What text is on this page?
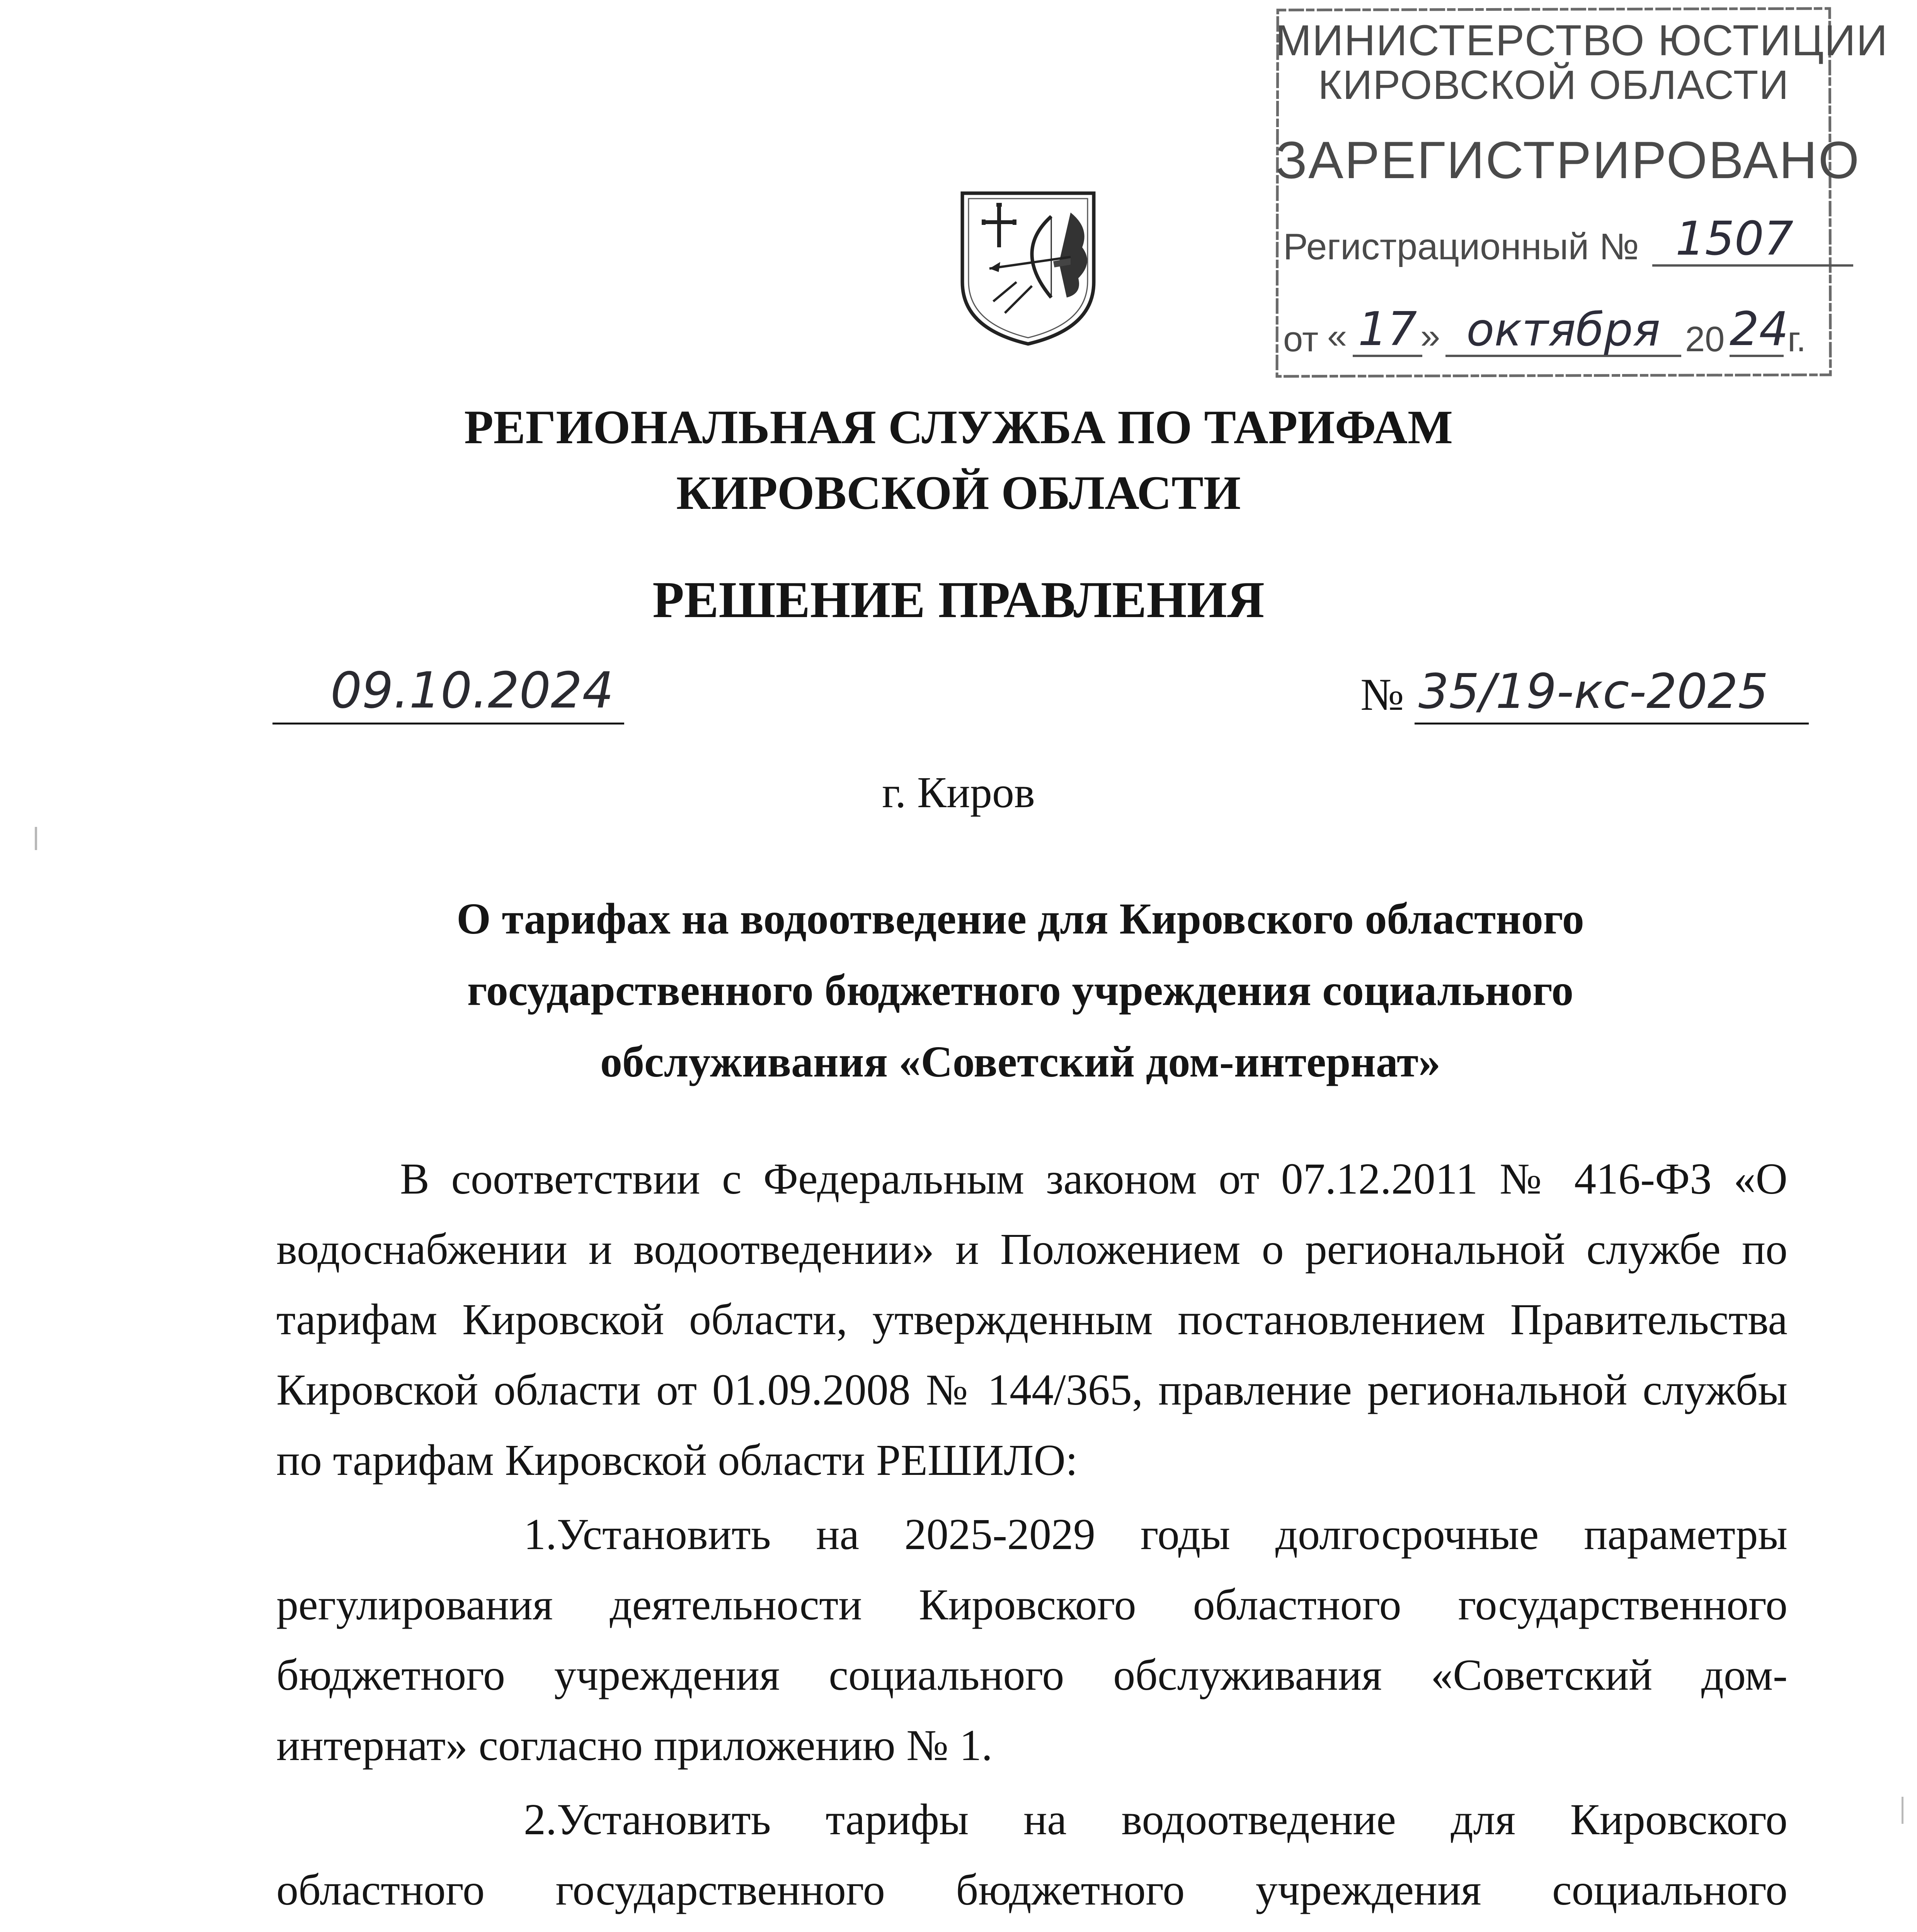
МИНИСТЕРСТВО ЮСТИЦИИ
КИРОВСКОЙ ОБЛАСТИ
ЗАРЕГИСТРИРОВАНО
Регистрационный № 1507
от « 17 » октября 20 24
г.
РЕГИОНАЛЬНАЯ СЛУЖБА ПО ТАРИФАМ
КИРОВСКОЙ ОБЛАСТИ
РЕШЕНИЕ ПРАВЛЕНИЯ
09.10.2024	№ 35/19-кс-2025
г. Киров
О тарифах на водоотведение для Кировского областного государственного бюджетного учреждения социального обслуживания «Советский дом-интернат»

В соответствии с Федеральным законом от 07.12.2011 № 416-ФЗ «О водоснабжении и водоотведении» и Положением о региональной службе по тарифам Кировской области, утвержденным постановлением Правительства Кировской области от 01.09.2008 № 144/365, правление региональной службы по тарифам Кировской области РЕШИЛО:

1.Установить на 2025-2029 годы долгосрочные параметры регулирования деятельности Кировского областного государственного бюджетного учреждения социального обслуживания «Советский дом-интернат» согласно приложению № 1.

2.Установить тарифы на водоотведение для Кировского областного государственного бюджетного учреждения социального
